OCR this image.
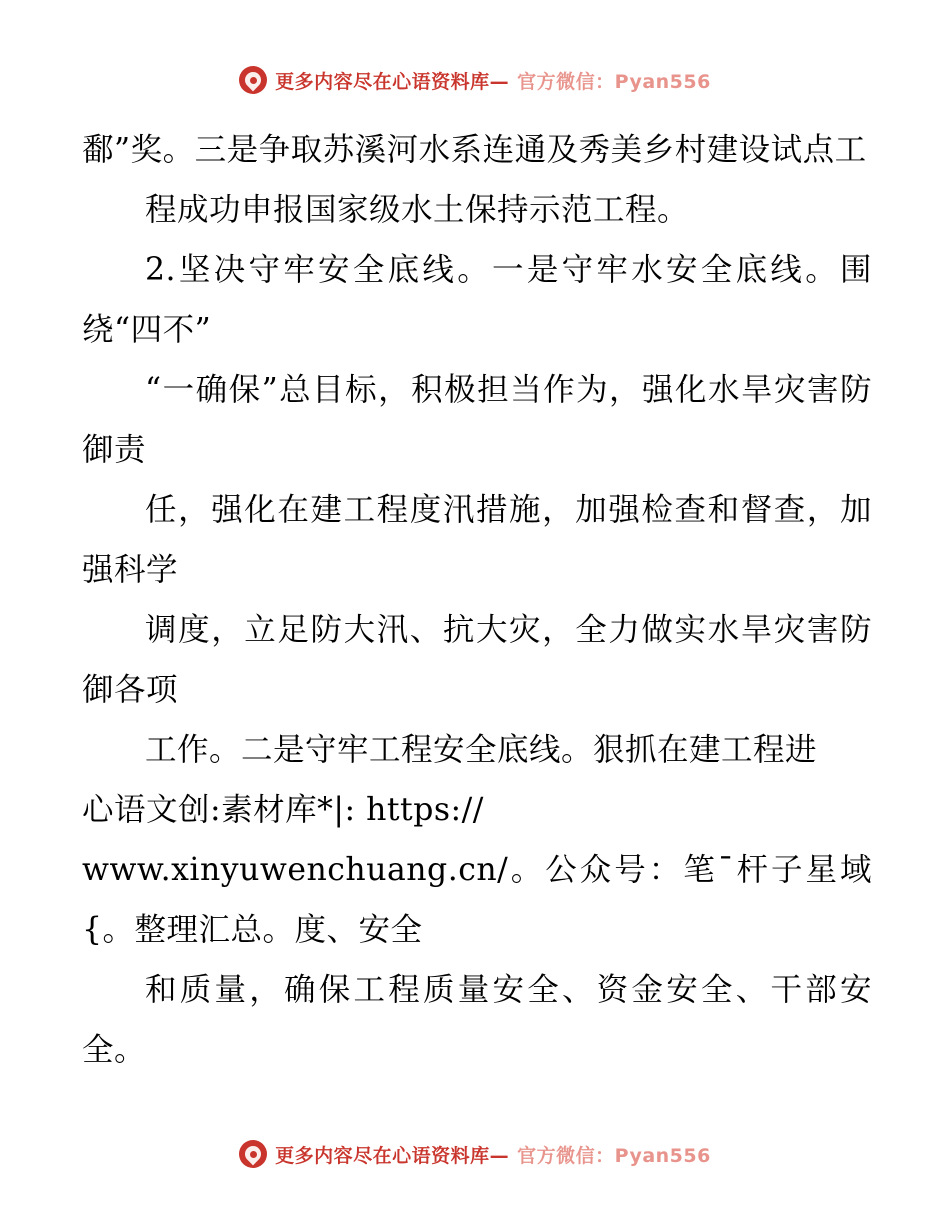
更多内容尽在心语资料库— 官方微信：Pyan556

鄱”奖。三是争取苏溪河水系连通及秀美乡村建设试点工

程成功申报国家级水土保持示范工程。

2.坚决守牢安全底线。一是守牢水安全底线。围绕“四不”

“一确保”总目标，积极担当作为，强化水旱灾害防御责

任，强化在建工程度汛措施，加强检查和督查，加强科学

调度，立足防大汛、抗大灾，全力做实水旱灾害防御各项

工作。二是守牢工程安全底线。狠抓在建工程进

心语文创:素材库*|: https://

www.xinyuwenchuang.cn/。公众号：笔¯杆子星域{。整理汇总。度、安全

和质量，确保工程质量安全、资金安全、干部安全。

更多内容尽在心语资料库— 官方微信：Pyan556
